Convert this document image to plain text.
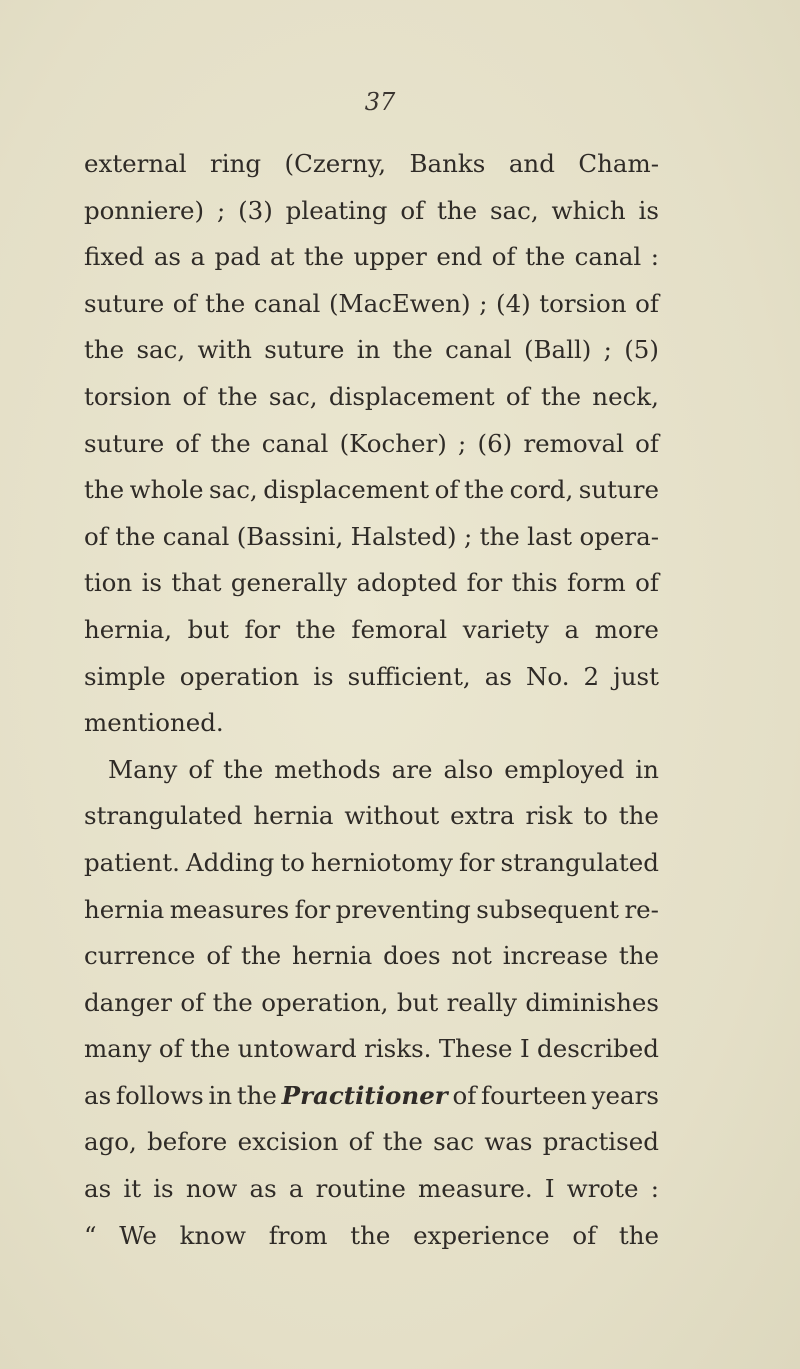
37
external ring (Czerny, Banks and Cham-
ponniere) ; (3) pleating of the sac, which is
fixed as a pad at the upper end of the canal :
suture of the canal (MacEwen) ; (4) torsion of
the sac, with suture in the canal (Ball) ; (5)
torsion of the sac, displacement of the neck,
suture of the canal (Kocher) ; (6) removal of
the whole sac, displacement of the cord, suture
of the canal (Bassini, Halsted) ; the last opera-
tion is that generally adopted for this form of
hernia, but for the femoral variety a more
simple operation is sufficient, as No. 2 just
mentioned.
Many of the methods are also employed in
strangulated hernia without extra risk to the
patient. Adding to herniotomy for strangulated
hernia measures for preventing subsequent re-
currence of the hernia does not increase the
danger of the operation, but really diminishes
many of the untoward risks. These I described
as follows in the Practitioner of fourteen years
ago, before excision of the sac was practised
as it is now as a routine measure. I wrote :
“ We know from the experience of the
